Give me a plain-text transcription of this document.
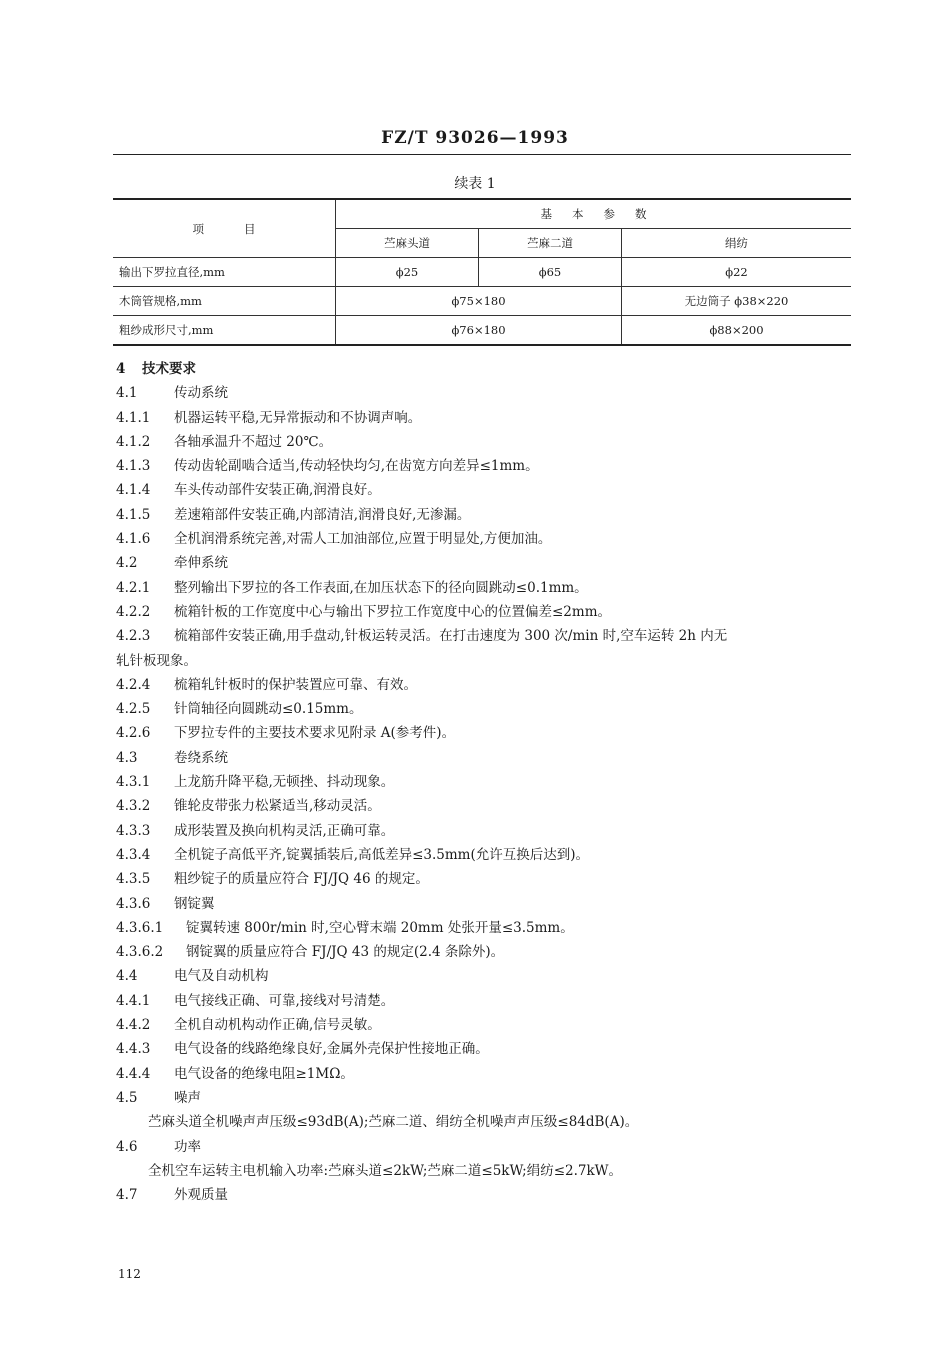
FZ/T 93026—1993
续表 1
项目	基本参数		
	苎麻头道	苎麻二道	绢纺
输出下罗拉直径,mm	ϕ25	ϕ65	ϕ22
木筒管规格,mm	ϕ75×180		无边筒子 ϕ38×220
粗纱成形尺寸,mm	ϕ76×180		ϕ88×200
4 技术要求
4.1	传动系统
4.1.1 机器运转平稳,无异常振动和不协调声响。
4.1.2 各轴承温升不超过 20℃。
4.1.3 传动齿轮副啮合适当,传动轻快均匀,在齿宽方向差异≤1mm。
4.1.4 车头传动部件安装正确,润滑良好。
4.1.5 差速箱部件安装正确,内部清洁,润滑良好,无渗漏。
4.1.6 全机润滑系统完善,对需人工加油部位,应置于明显处,方便加油。
4.2	牵伸系统
4.2.1 整列输出下罗拉的各工作表面,在加压状态下的径向圆跳动≤0.1mm。
4.2.2 梳箱针板的工作宽度中心与输出下罗拉工作宽度中心的位置偏差≤2mm。
4.2.3 梳箱部件安装正确,用手盘动,针板运转灵活。在打击速度为 300 次/min 时,空车运转 2h 内无
轧针板现象。
4.2.4 梳箱轧针板时的保护装置应可靠、有效。
4.2.5 针筒轴径向圆跳动≤0.15mm。
4.2.6 下罗拉专件的主要技术要求见附录 A(参考件)。
4.3	卷绕系统
4.3.1 上龙筋升降平稳,无顿挫、抖动现象。
4.3.2 锥轮皮带张力松紧适当,移动灵活。
4.3.3 成形装置及换向机构灵活,正确可靠。
4.3.4 全机锭子高低平齐,锭翼插装后,高低差异≤3.5mm(允许互换后达到)。
4.3.5 粗纱锭子的质量应符合 FJ/JQ 46 的规定。
4.3.6 钢锭翼
4.3.6.1 锭翼转速 800r/min 时,空心臂末端 20mm 处张开量≤3.5mm。
4.3.6.2 钢锭翼的质量应符合 FJ/JQ 43 的规定(2.4 条除外)。
4.4	电气及自动机构
4.4.1 电气接线正确、可靠,接线对号清楚。
4.4.2 全机自动机构动作正确,信号灵敏。
4.4.3 电气设备的线路绝缘良好,金属外壳保护性接地正确。
4.4.4 电气设备的绝缘电阻≥1MΩ。
4.5	噪声
苎麻头道全机噪声声压级≤93dB(A);苎麻二道、绢纺全机噪声声压级≤84dB(A)。
4.6	功率
全机空车运转主电机输入功率:苎麻头道≤2kW;苎麻二道≤5kW;绢纺≤2.7kW。
4.7	外观质量
112
